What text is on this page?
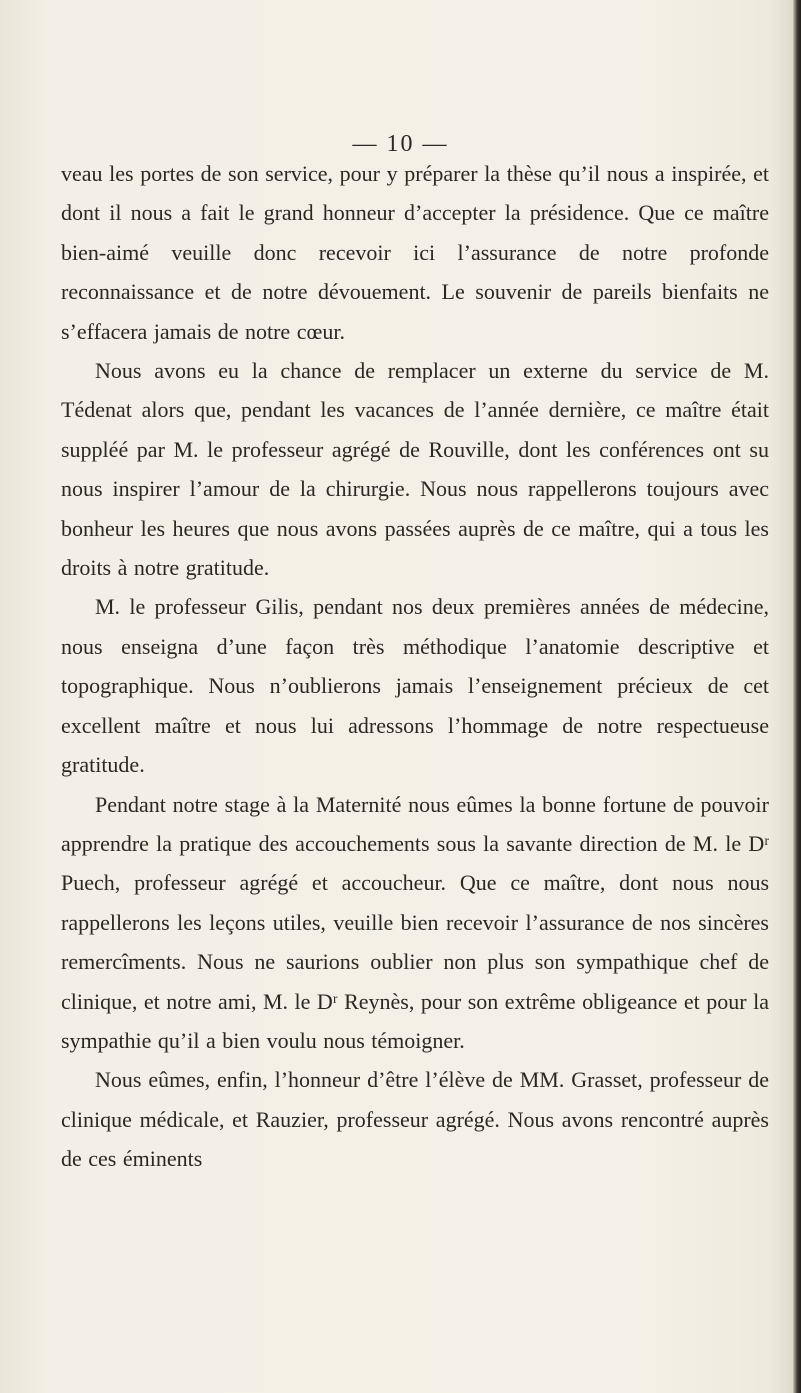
— 10 —

veau les portes de son service, pour y préparer la thèse qu’il nous a inspirée, et dont il nous a fait le grand honneur d’accepter la présidence. Que ce maître bien-aimé veuille donc recevoir ici l’assurance de notre profonde reconnaissance et de notre dévouement. Le souvenir de pareils bienfaits ne s’effacera jamais de notre cœur.

Nous avons eu la chance de remplacer un externe du service de M. Tédenat alors que, pendant les vacances de l’année dernière, ce maître était suppléé par M. le professeur agrégé de Rouville, dont les conférences ont su nous inspirer l’amour de la chirurgie. Nous nous rappellerons toujours avec bonheur les heures que nous avons passées auprès de ce maître, qui a tous les droits à notre gratitude.

M. le professeur Gilis, pendant nos deux premières années de médecine, nous enseigna d’une façon très méthodique l’anatomie descriptive et topographique. Nous n’oublierons jamais l’enseignement précieux de cet excellent maître et nous lui adressons l’hommage de notre respectueuse gratitude.

Pendant notre stage à la Maternité nous eûmes la bonne fortune de pouvoir apprendre la pratique des accouchements sous la savante direction de M. le Dʳ Puech, professeur agrégé et accoucheur. Que ce maître, dont nous nous rappellerons les leçons utiles, veuille bien recevoir l’assurance de nos sincères remercîments. Nous ne saurions oublier non plus son sympathique chef de clinique, et notre ami, M. le Dʳ Reynès, pour son extrême obligeance et pour la sympathie qu’il a bien voulu nous témoigner.

Nous eûmes, enfin, l’honneur d’être l’élève de MM. Grasset, professeur de clinique médicale, et Rauzier, professeur agrégé. Nous avons rencontré auprès de ces éminents
